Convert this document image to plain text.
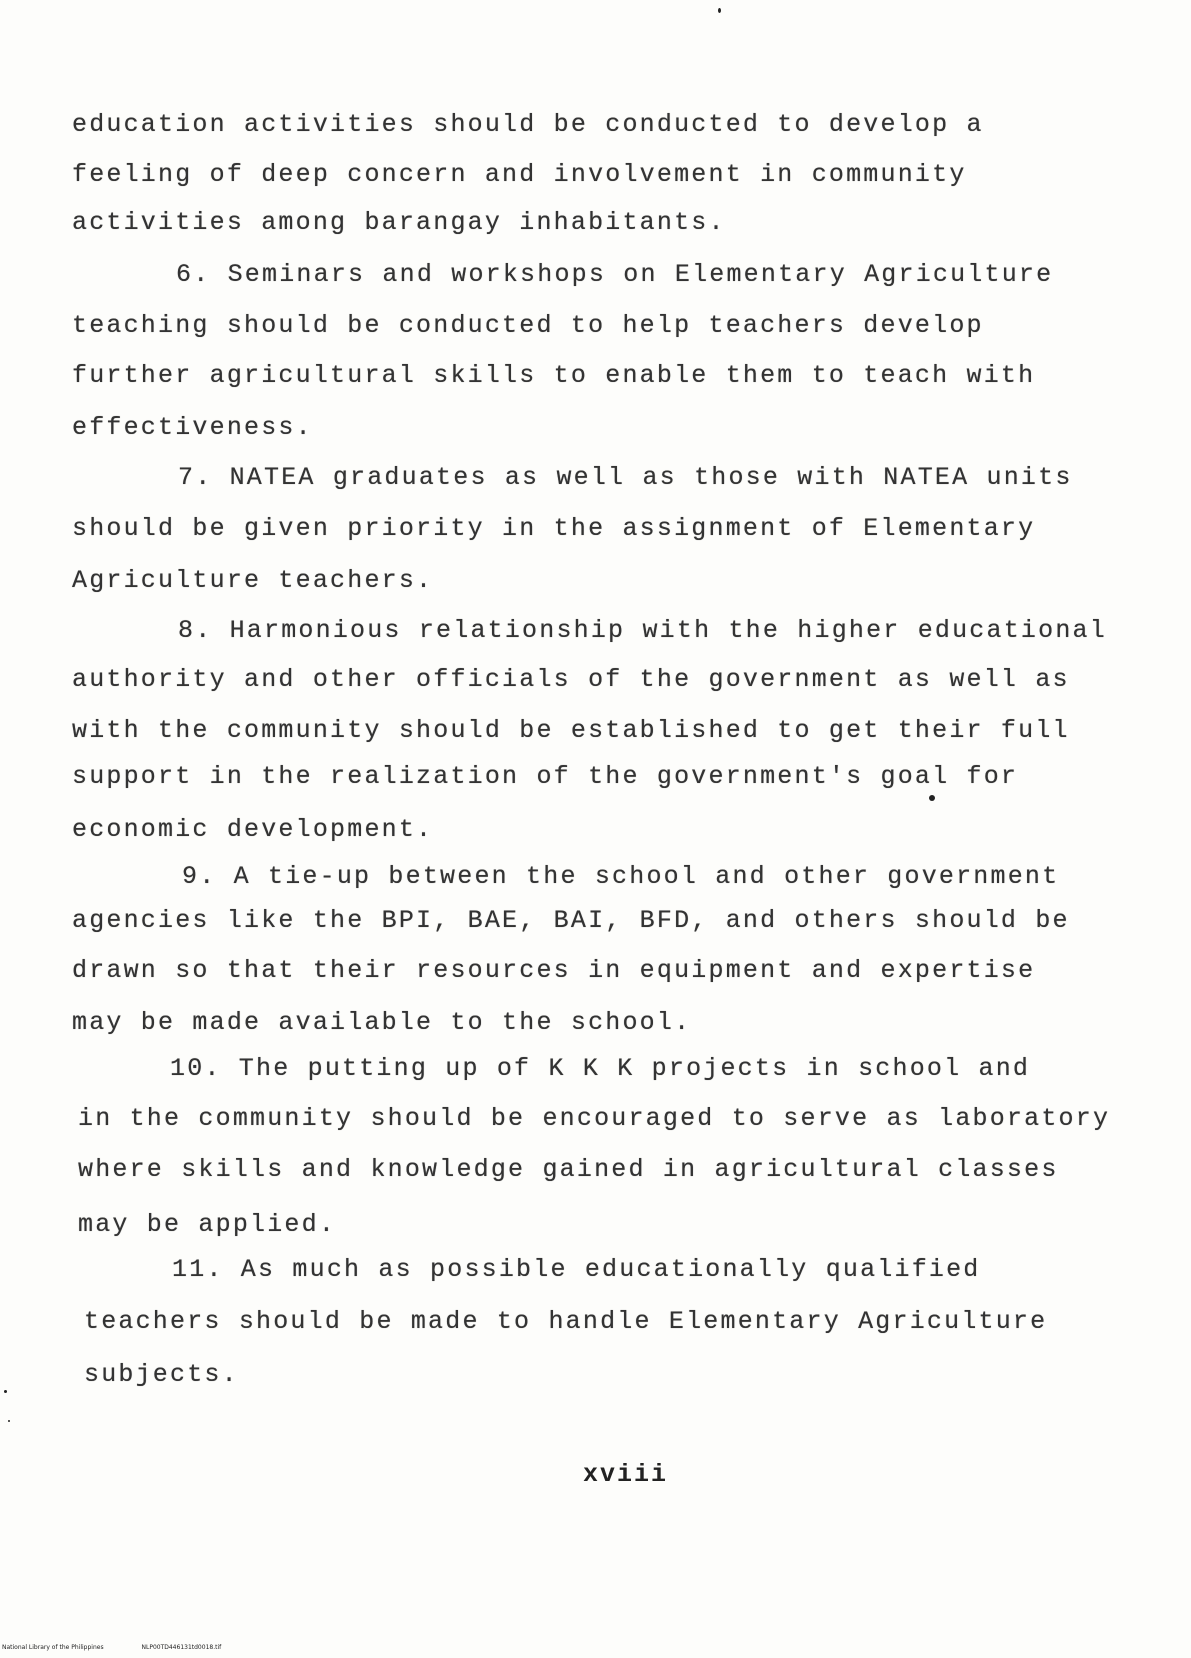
education activities should be conducted to develop a
feeling of deep concern and involvement in community
activities among barangay inhabitants.
6. Seminars and workshops on Elementary Agriculture
teaching should be conducted to help teachers develop
further agricultural skills to enable them to teach with
effectiveness.
7. NATEA graduates as well as those with NATEA units
should be given priority in the assignment of Elementary
Agriculture teachers.
8. Harmonious relationship with the higher educational
authority and other officials of the government as well as
with the community should be established to get their full
support in the realization of the government's goal for
economic development.
9. A tie-up between the school and other government
agencies like the BPI, BAE, BAI, BFD, and others should be
drawn so that their resources in equipment and expertise
may be made available to the school.
10. The putting up of K K K projects in school and
in the community should be encouraged to serve as laboratory
where skills and knowledge gained in agricultural classes
may be applied.
11. As much as possible educationally qualified
teachers should be made to handle Elementary Agriculture
subjects.
xviii
National Library of the Philippines	NLP00TD446131td0018.tif
